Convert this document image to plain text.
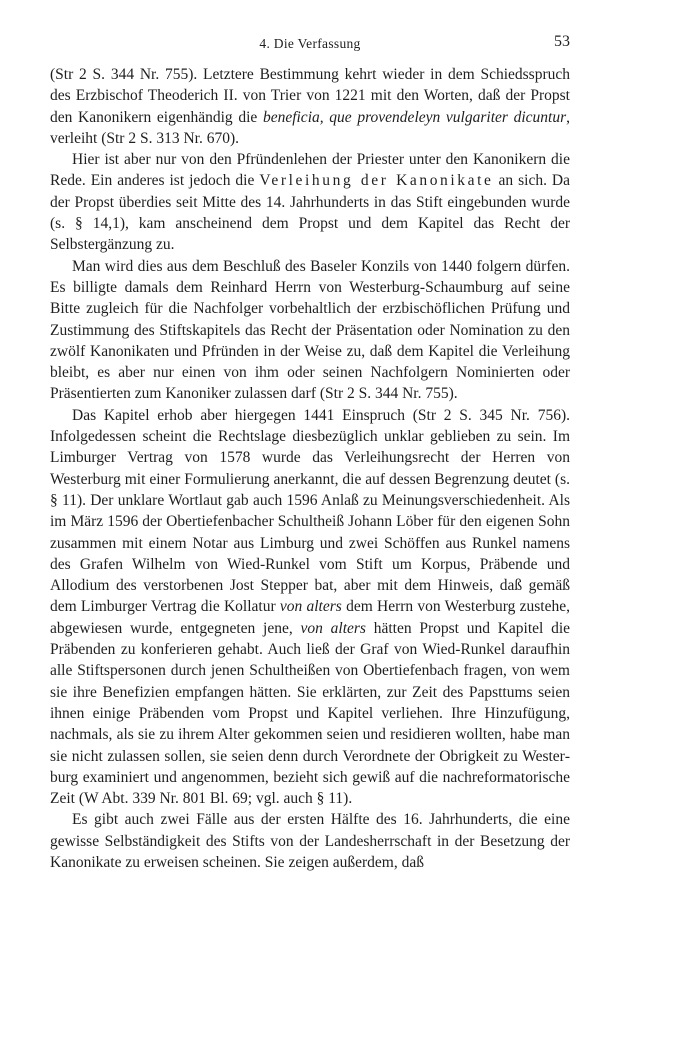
4. Die Verfassung	53

(Str 2 S. 344 Nr. 755). Letztere Bestimmung kehrt wieder in dem Schiedsspruch des Erzbischof Theoderich II. von Trier von 1221 mit den Worten, daß der Propst den Kanonikern eigenhändig die beneficia, que provendeleyn vulgariter dicuntur, verleiht (Str 2 S. 313 Nr. 670).

Hier ist aber nur von den Pfründenlehen der Priester unter den Kanonikern die Rede. Ein anderes ist jedoch die Verleihung der Kanonikate an sich. Da der Propst überdies seit Mitte des 14. Jahrhunderts in das Stift eingebunden wurde (s. § 14,1), kam anscheinend dem Propst und dem Kapitel das Recht der Selbstergänzung zu.

Man wird dies aus dem Beschluß des Baseler Konzils von 1440 folgern dürfen. Es billigte damals dem Reinhard Herrn von Westerburg-Schaumburg auf seine Bitte zugleich für die Nachfolger vorbehaltlich der erzbischöflichen Prüfung und Zustimmung des Stiftskapitels das Recht der Präsentation oder Nomination zu den zwölf Kanonikaten und Pfründen in der Weise zu, daß dem Kapitel die Verleihung bleibt, es aber nur einen von ihm oder seinen Nachfolgern Nominierten oder Präsentierten zum Kanoniker zulassen darf (Str 2 S. 344 Nr. 755).

Das Kapitel erhob aber hiergegen 1441 Einspruch (Str 2 S. 345 Nr. 756). Infolgedessen scheint die Rechtslage diesbezüglich unklar geblieben zu sein. Im Limburger Vertrag von 1578 wurde das Verleihungsrecht der Herren von Westerburg mit einer Formulierung anerkannt, die auf dessen Begrenzung deutet (s. § 11). Der unklare Wortlaut gab auch 1596 Anlaß zu Meinungsverschiedenheit. Als im März 1596 der Obertiefenbacher Schultheiß Johann Löber für den eigenen Sohn zusammen mit einem Notar aus Limburg und zwei Schöffen aus Runkel namens des Grafen Wilhelm von Wied-Runkel vom Stift um Korpus, Präbende und Allodium des verstorbenen Jost Stepper bat, aber mit dem Hinweis, daß gemäß dem Limburger Vertrag die Kollatur von alters dem Herrn von Westerburg zustehe, abgewiesen wurde, entgegneten jene, von alters hätten Propst und Kapitel die Präbenden zu konferieren gehabt. Auch ließ der Graf von Wied-Runkel daraufhin alle Stiftspersonen durch jenen Schultheißen von Obertiefenbach fragen, von wem sie ihre Benefizien empfangen hätten. Sie erklärten, zur Zeit des Papsttums seien ihnen einige Präbenden vom Propst und Kapitel verliehen. Ihre Hinzufügung, nachmals, als sie zu ihrem Alter gekommen seien und residieren wollten, habe man sie nicht zulassen sollen, sie seien denn durch Verordnete der Obrigkeit zu Westerburg examiniert und angenommen, bezieht sich gewiß auf die nachreformatorische Zeit (W Abt. 339 Nr. 801 Bl. 69; vgl. auch § 11).

Es gibt auch zwei Fälle aus der ersten Hälfte des 16. Jahrhunderts, die eine gewisse Selbständigkeit des Stifts von der Landesherrschaft in der Besetzung der Kanonikate zu erweisen scheinen. Sie zeigen außerdem, daß
